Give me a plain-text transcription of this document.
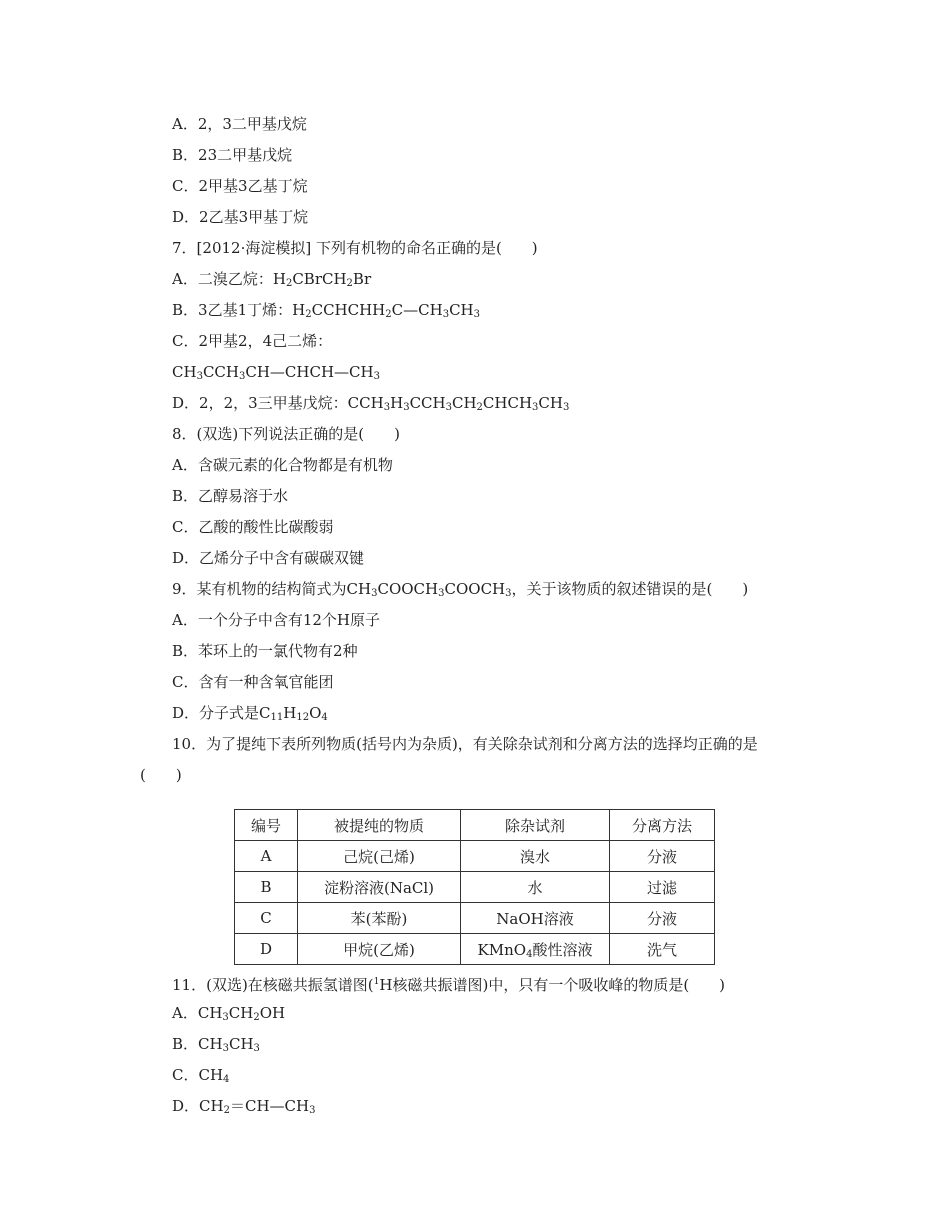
A．2，3二甲基戊烷
B．23二甲基戊烷
C．2甲基3乙基丁烷
D．2乙基3甲基丁烷
7．[2012·海淀模拟] 下列有机物的命名正确的是(　　)
A．二溴乙烷：$H_2CBrCH_2Br$
B．3乙基1丁烯：$H_2CCHCHH_2C—CH_3CH_3$
C．2甲基2，4己二烯：
$CH_3CCH_3CH—CHCH—CH_3$
D．2，2，3三甲基戊烷：$CCH_3H_3CCH_3CH_2CHCH_3CH_3$
8．(双选)下列说法正确的是(　　)
A．含碳元素的化合物都是有机物
B．乙醇易溶于水
C．乙酸的酸性比碳酸弱
D．乙烯分子中含有碳碳双键
9．某有机物的结构简式为$CH_3COOCH_3COOCH_3$，关于该物质的叙述错误的是(　　)
A．一个分子中含有12个H原子
B．苯环上的一氯代物有2种
C．含有一种含氧官能团
D．分子式是$C_{11}H_{12}O_4$
10．为了提纯下表所列物质(括号内为杂质)，有关除杂试剂和分离方法的选择均正确的是
(　　)
编号	被提纯的物质	除杂试剂	分离方法
A	己烷(己烯)	溴水	分液
B	淀粉溶液(NaCl)	水	过滤
C	苯(苯酚)	NaOH溶液	分液
D	甲烷(乙烯)	KMnO$_4$酸性溶液	洗气
11．(双选)在核磁共振氢谱图($^1$H核磁共振谱图)中，只有一个吸收峰的物质是(　　)
A．$CH_3CH_2OH$
B．$CH_3CH_3$
C．$CH_4$
D．$CH_2=CH—CH_3$
